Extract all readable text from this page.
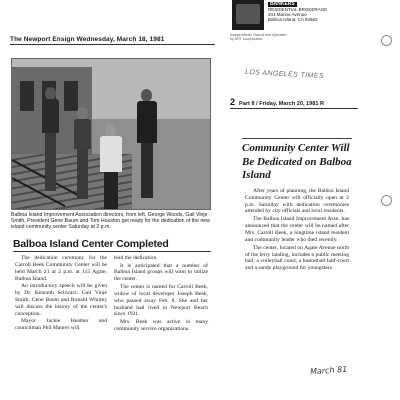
BANKERS
RESIDENTIAL BROKERAGE
201 Marine Avenue
Balboa Island, CA 92662
Independently Owned and Operated by NRT Incorporated
The Newport Ensign Wednesday, March 18, 1981
Balboa Island Improvement Association directors, from left, George Woods, Gail Vinje Smith, President Gene Baum and Tom Houston get ready for the dedication of the new island community center Saturday at 2 p.m.
Balboa Island Center Completed

The dedication ceremony for the Carroll Beek Community Center will be held March 21 at 2 p.m. at 115 Agate, Balboa Island.

An introductory speech will be given by Dr. Kenneth Schwarz. Gail Vinje Smith, Gene Baum and Ronald Whitley will discuss the history of the center's conception.

Mayor Jackie Heather and councilman Phil Maurer will

lead the dedication.

It is anticipated that a number of Balboa Island groups will want to utilize the center.

The center is named for Carroll Beek, widow of local developer Joseph Beek, who passed away Feb. 8. She and her husband had lived in Newport Beach since 1921.

Mrs. Beek was active in many community service organizations.

LOS ANGELES TIMES
2 Part II / Friday, March 20, 1981 R
Community Center Will Be Dedicated on Balboa Island

After years of planning, the Balboa Island Community Center will officially open at 2 p.m. Saturday with dedication ceremonies attended by city officials and local residents.

The Balboa Island Improvement Assn. has announced that the center will be named after Mrs. Carroll Beek, a longtime island resident and community leader who died recently.

The center, located on Agate Avenue north of the ferry landing, includes a public meeting hall, a volleyball court, a basketball half-court and a sandy playground for youngsters.

March 81
